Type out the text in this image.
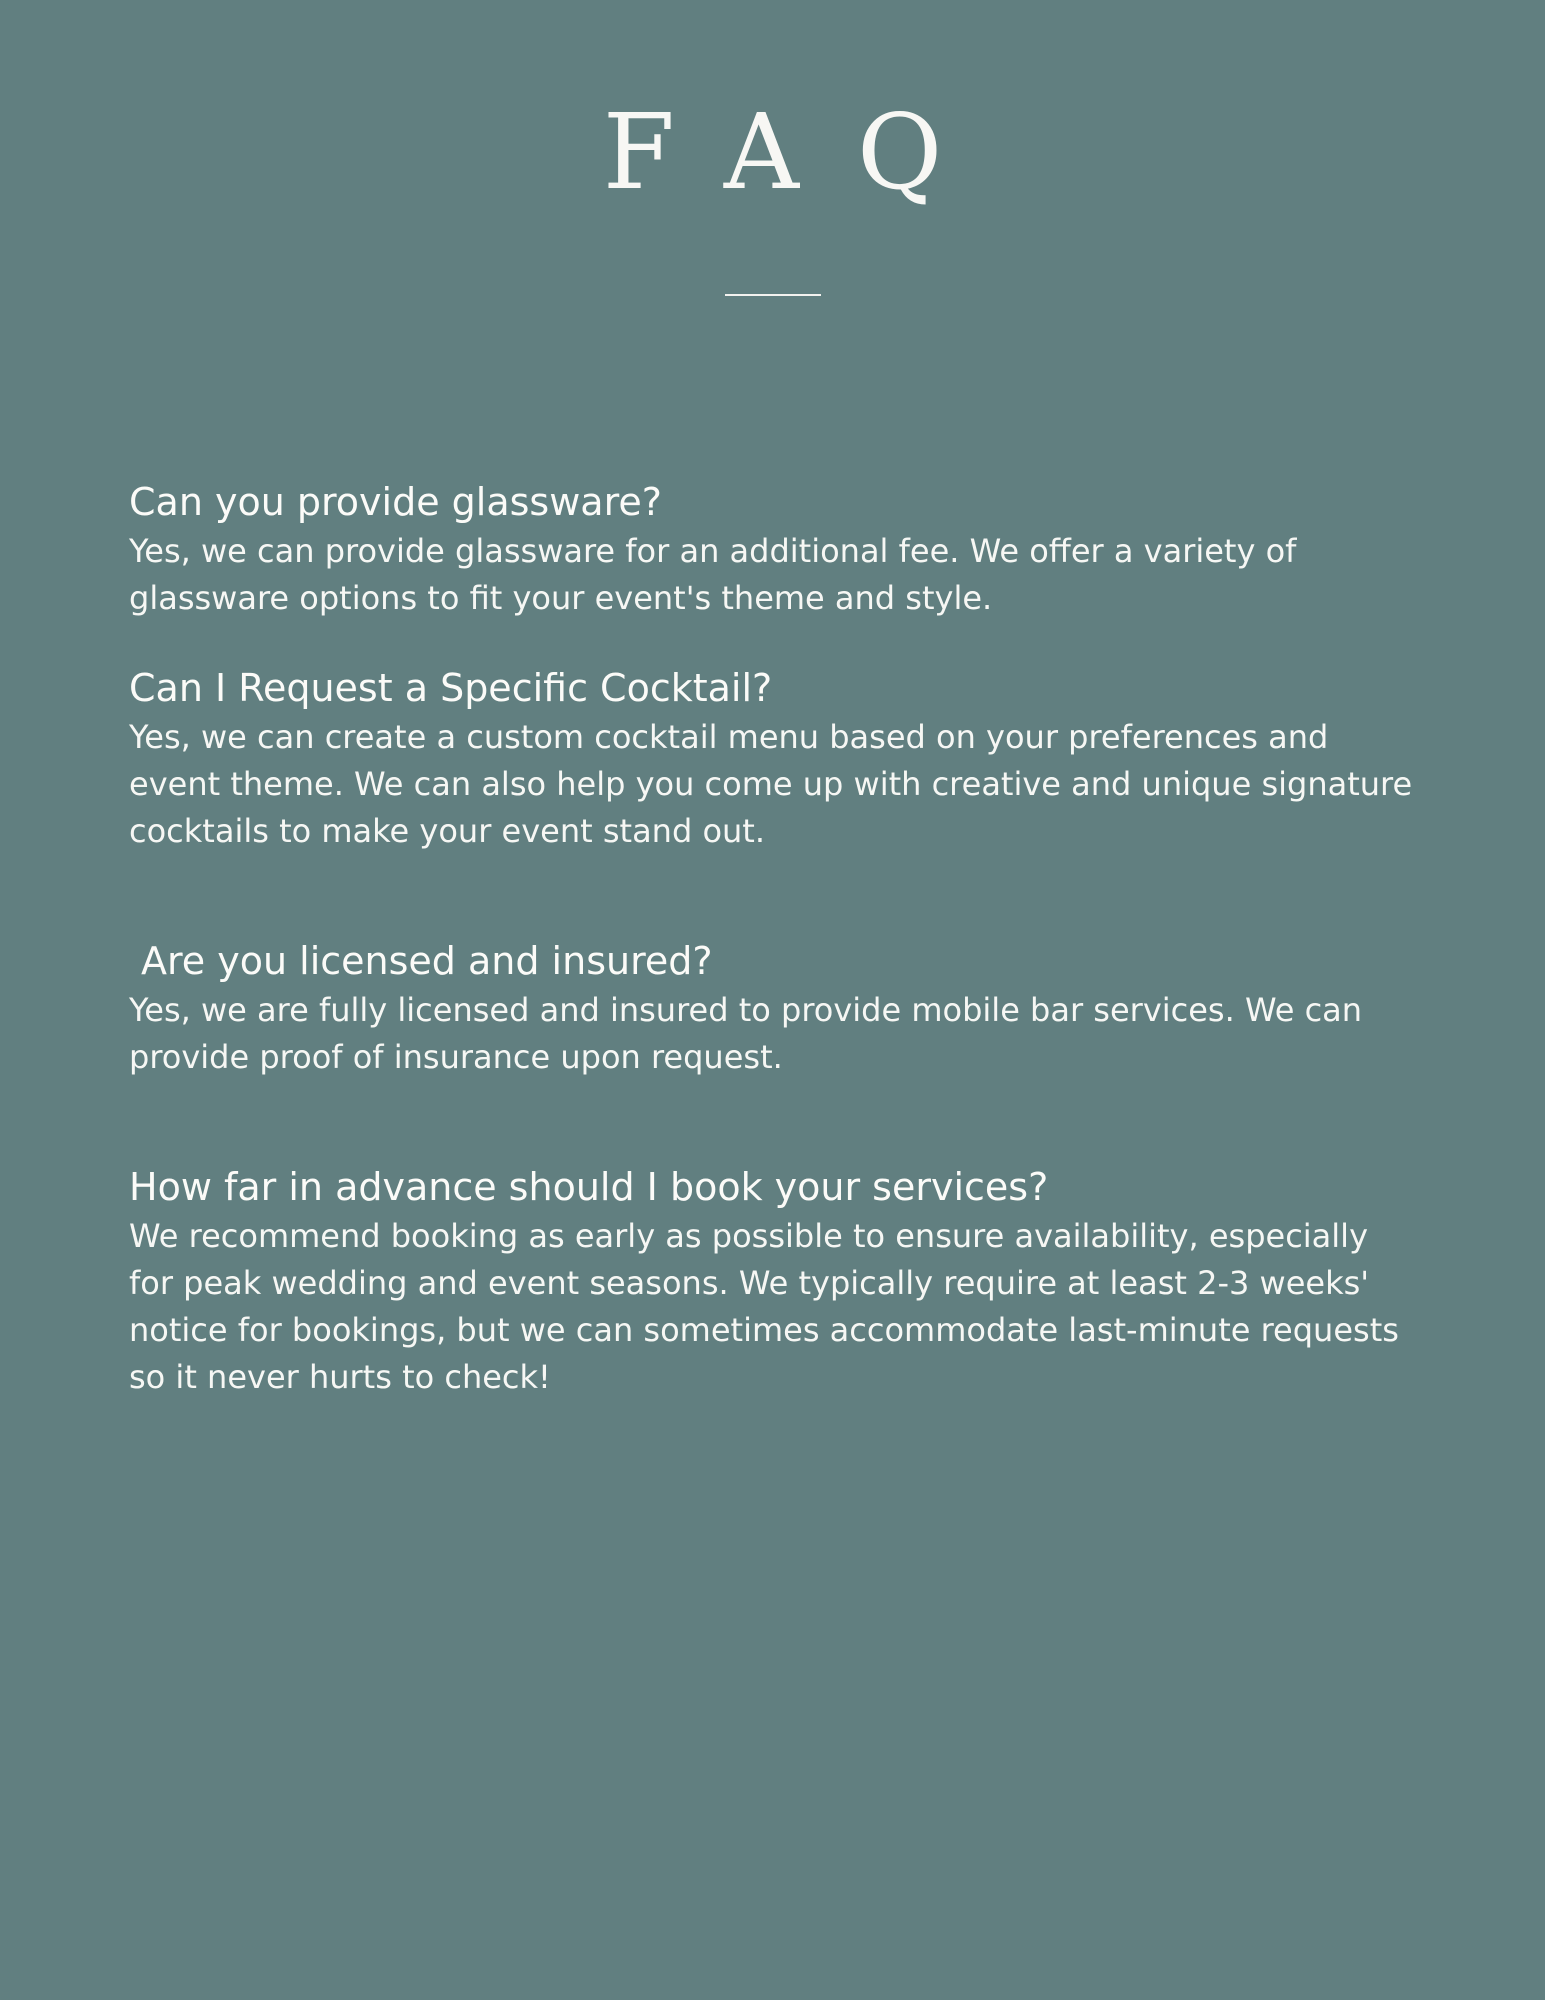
FAQ
Can you provide glassware?

Yes, we can provide glassware for an additional fee. We offer a variety of glassware options to fit your event's theme and style.

Can I Request a Specific Cocktail?

Yes, we can create a custom cocktail menu based on your preferences and event theme. We can also help you come up with creative and unique signature cocktails to make your event stand out.

Are you licensed and insured?

Yes, we are fully licensed and insured to provide mobile bar services. We can provide proof of insurance upon request.

How far in advance should I book your services?

We recommend booking as early as possible to ensure availability, especially for peak wedding and event seasons. We typically require at least 2-3 weeks' notice for bookings, but we can sometimes accommodate last-minute requests so it never hurts to check!
